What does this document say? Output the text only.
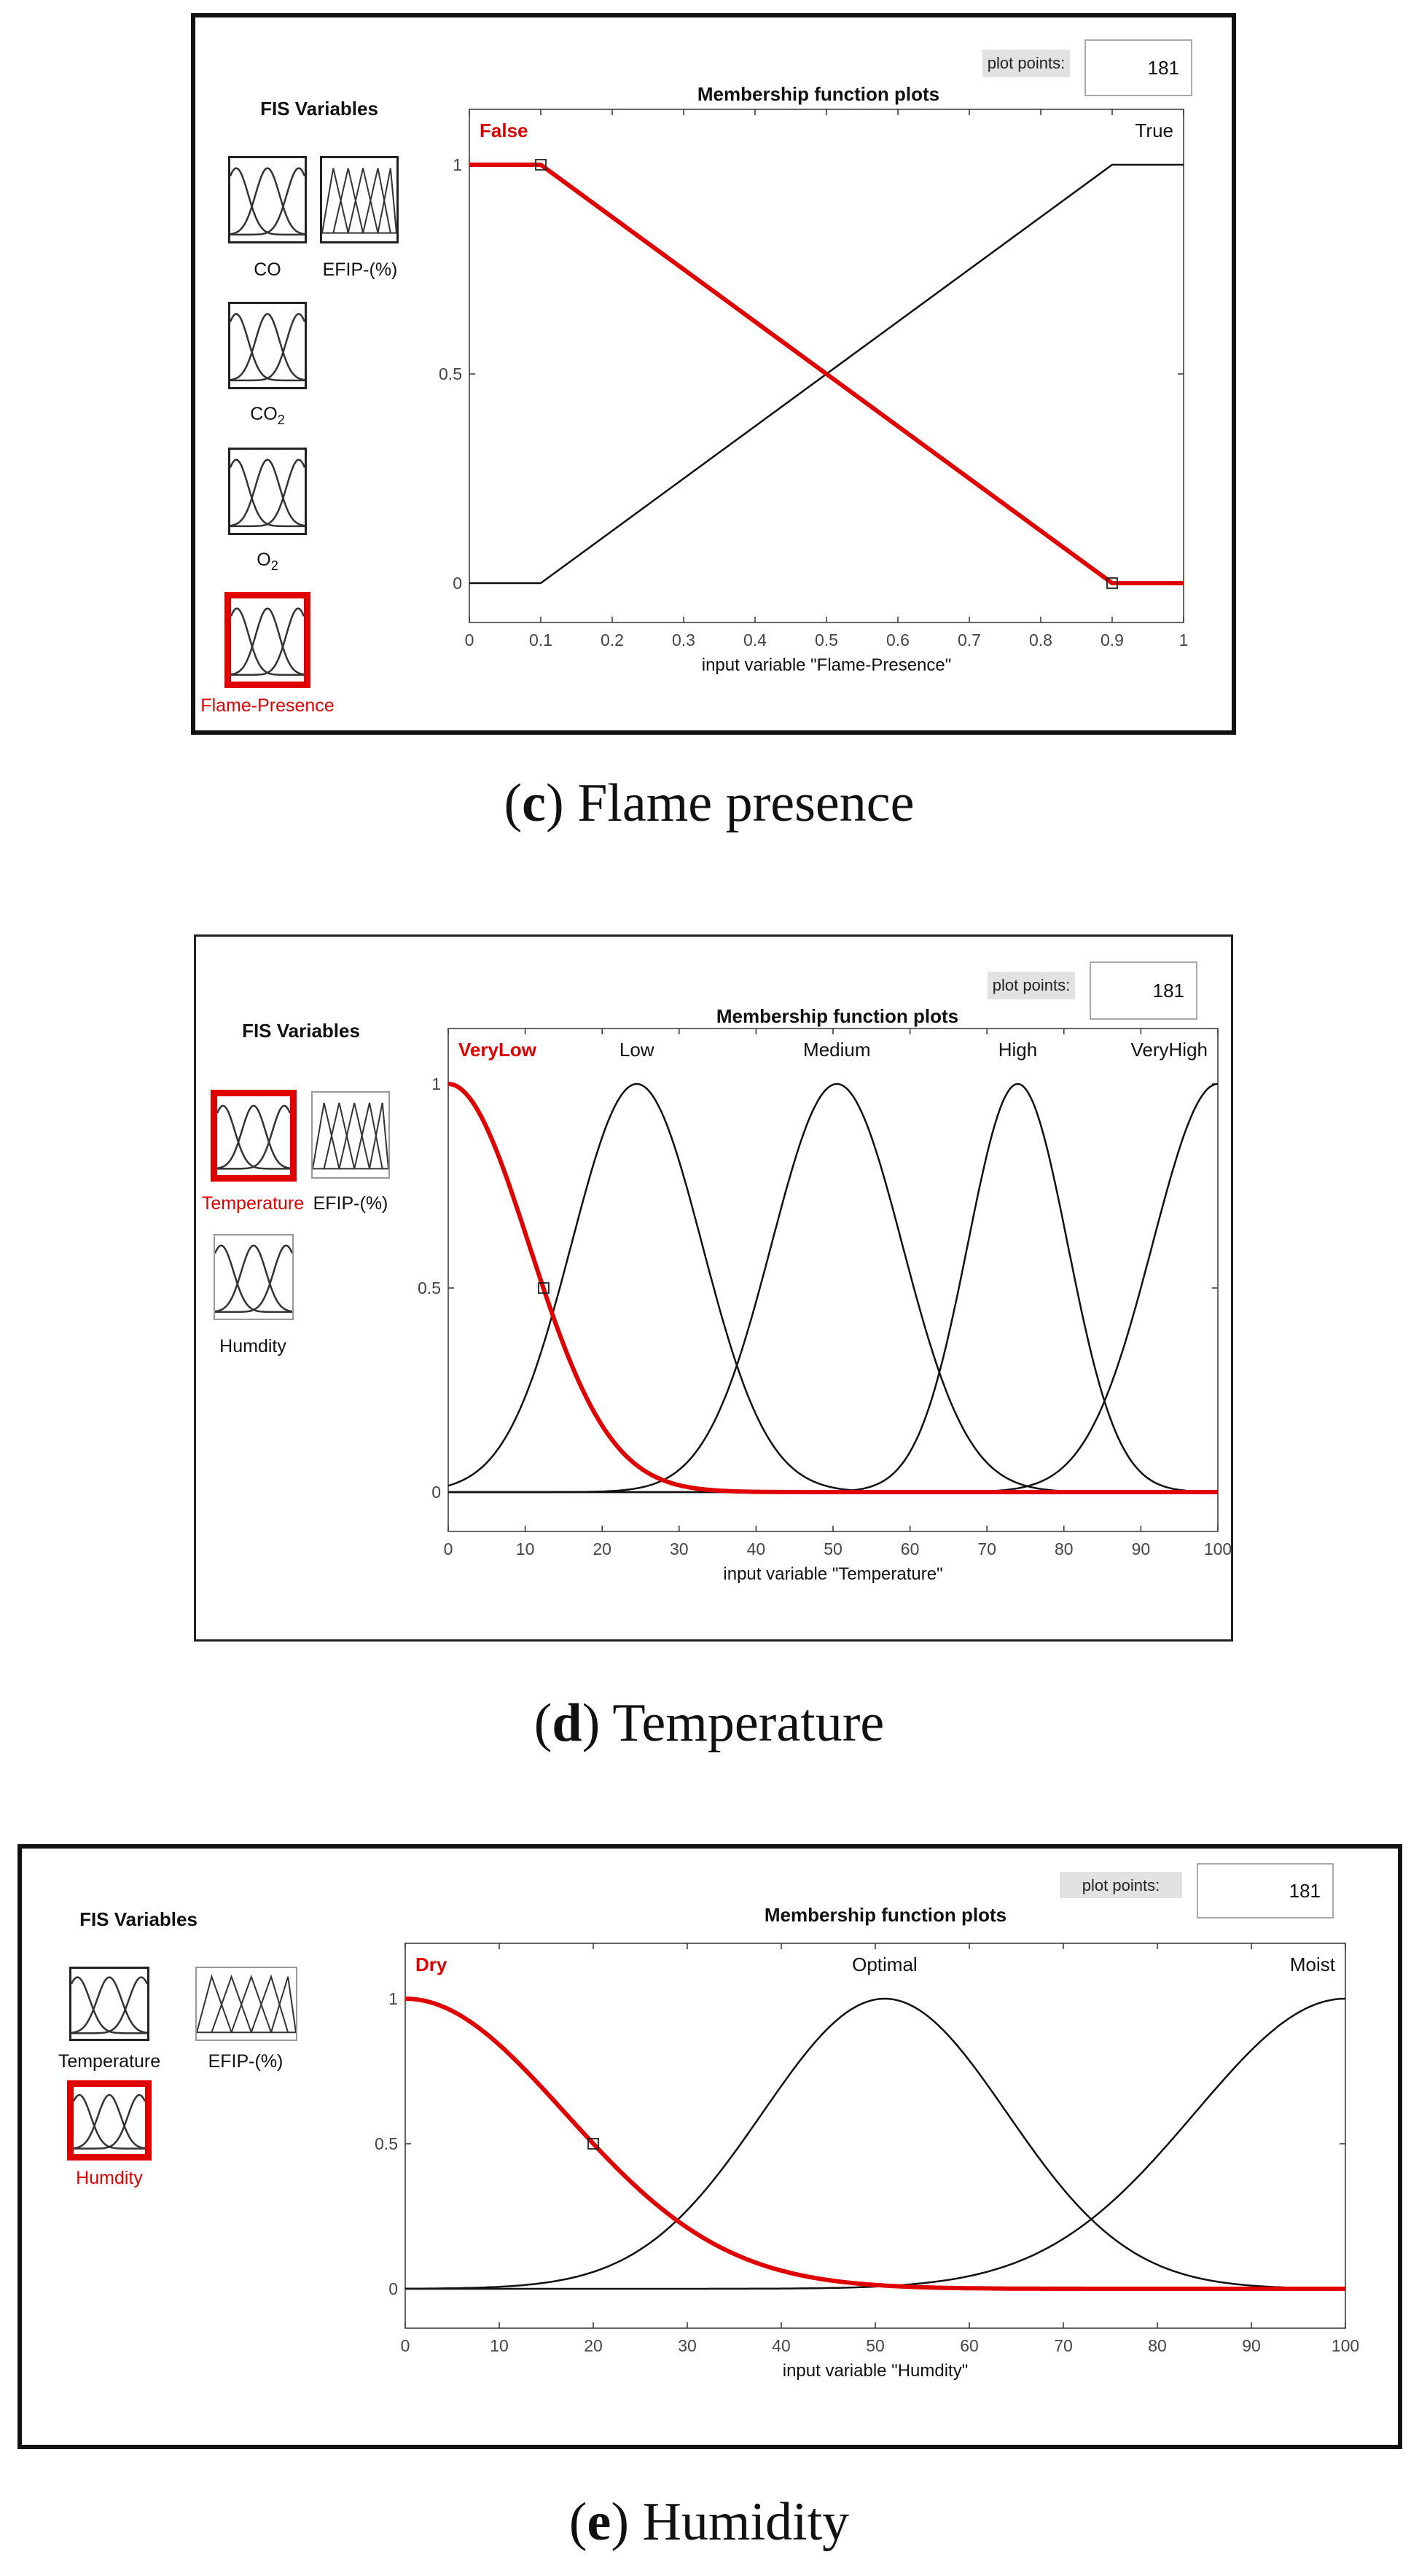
FIS Variables
CO EFIP-(%)
$CO_2$
$O_2$
Flame-Presence
plot points:
181
Membership function plots
0	0.1	0.2	0.3	0.4	0.5	0.6	0.7	0.8	0.9	1
0
0.5
1
input variable "Flame-Presence"
True
False
(c) Flame presence
FIS Variables
Temperature EFIP-(%)
Humdity
plot points:
181
Membership function plots
0	10	20	30	40	50	60	70	80	90	100
0
0.5
1
input variable "Temperature"
Low	Medium	High	VeryHigh
VeryLow
(d) Temperature
FIS Variables
Temperature	EFIP-(%)
Humdity
plot points:
181
Membership function plots
0	10	20	30	40	50	60	70	80	90	100
0
0.5
1
input variable "Humdity"
Optimal	Moist
Dry
(e) Humidity
